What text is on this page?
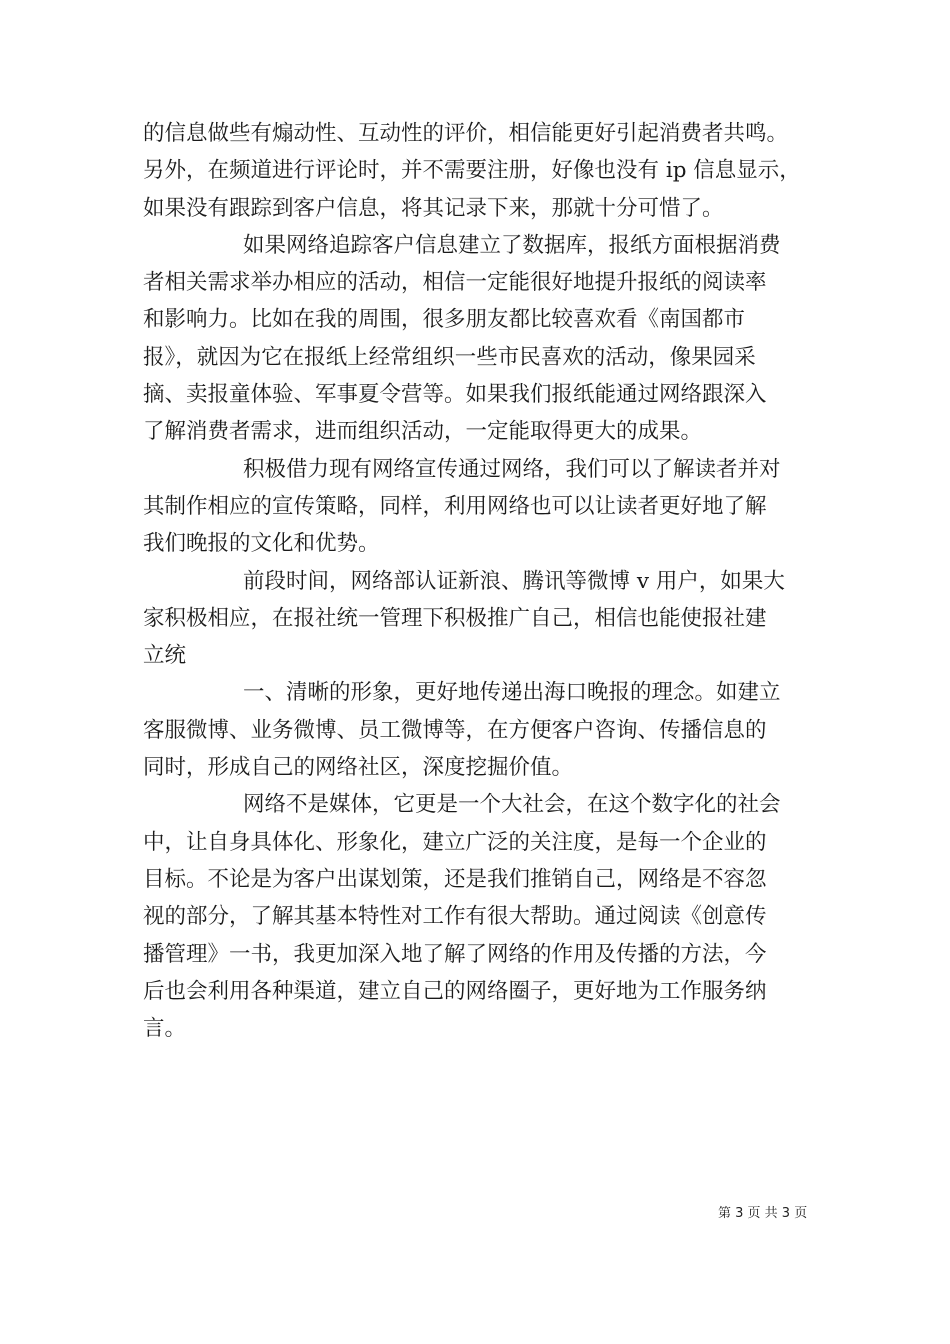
的信息做些有煽动性、互动性的评价，相信能更好引起消费者共鸣。
另外，在频道进行评论时，并不需要注册，好像也没有 ip 信息显示，
如果没有跟踪到客户信息，将其记录下来，那就十分可惜了。
如果网络追踪客户信息建立了数据库，报纸方面根据消费
者相关需求举办相应的活动，相信一定能很好地提升报纸的阅读率
和影响力。比如在我的周围，很多朋友都比较喜欢看《南国都市
报》，就因为它在报纸上经常组织一些市民喜欢的活动，像果园采
摘、卖报童体验、军事夏令营等。如果我们报纸能通过网络跟深入
了解消费者需求，进而组织活动，一定能取得更大的成果。
积极借力现有网络宣传通过网络，我们可以了解读者并对
其制作相应的宣传策略，同样，利用网络也可以让读者更好地了解
我们晚报的文化和优势。
前段时间，网络部认证新浪、腾讯等微博 v 用户，如果大
家积极相应，在报社统一管理下积极推广自己，相信也能使报社建
立统
一、清晰的形象，更好地传递出海口晚报的理念。如建立
客服微博、业务微博、员工微博等，在方便客户咨询、传播信息的
同时，形成自己的网络社区，深度挖掘价值。
网络不是媒体，它更是一个大社会，在这个数字化的社会
中，让自身具体化、形象化，建立广泛的关注度，是每一个企业的
目标。不论是为客户出谋划策，还是我们推销自己，网络是不容忽
视的部分，了解其基本特性对工作有很大帮助。通过阅读《创意传
播管理》一书，我更加深入地了解了网络的作用及传播的方法，今
后也会利用各种渠道，建立自己的网络圈子，更好地为工作服务纳
言。
第 3 页 共 3 页
